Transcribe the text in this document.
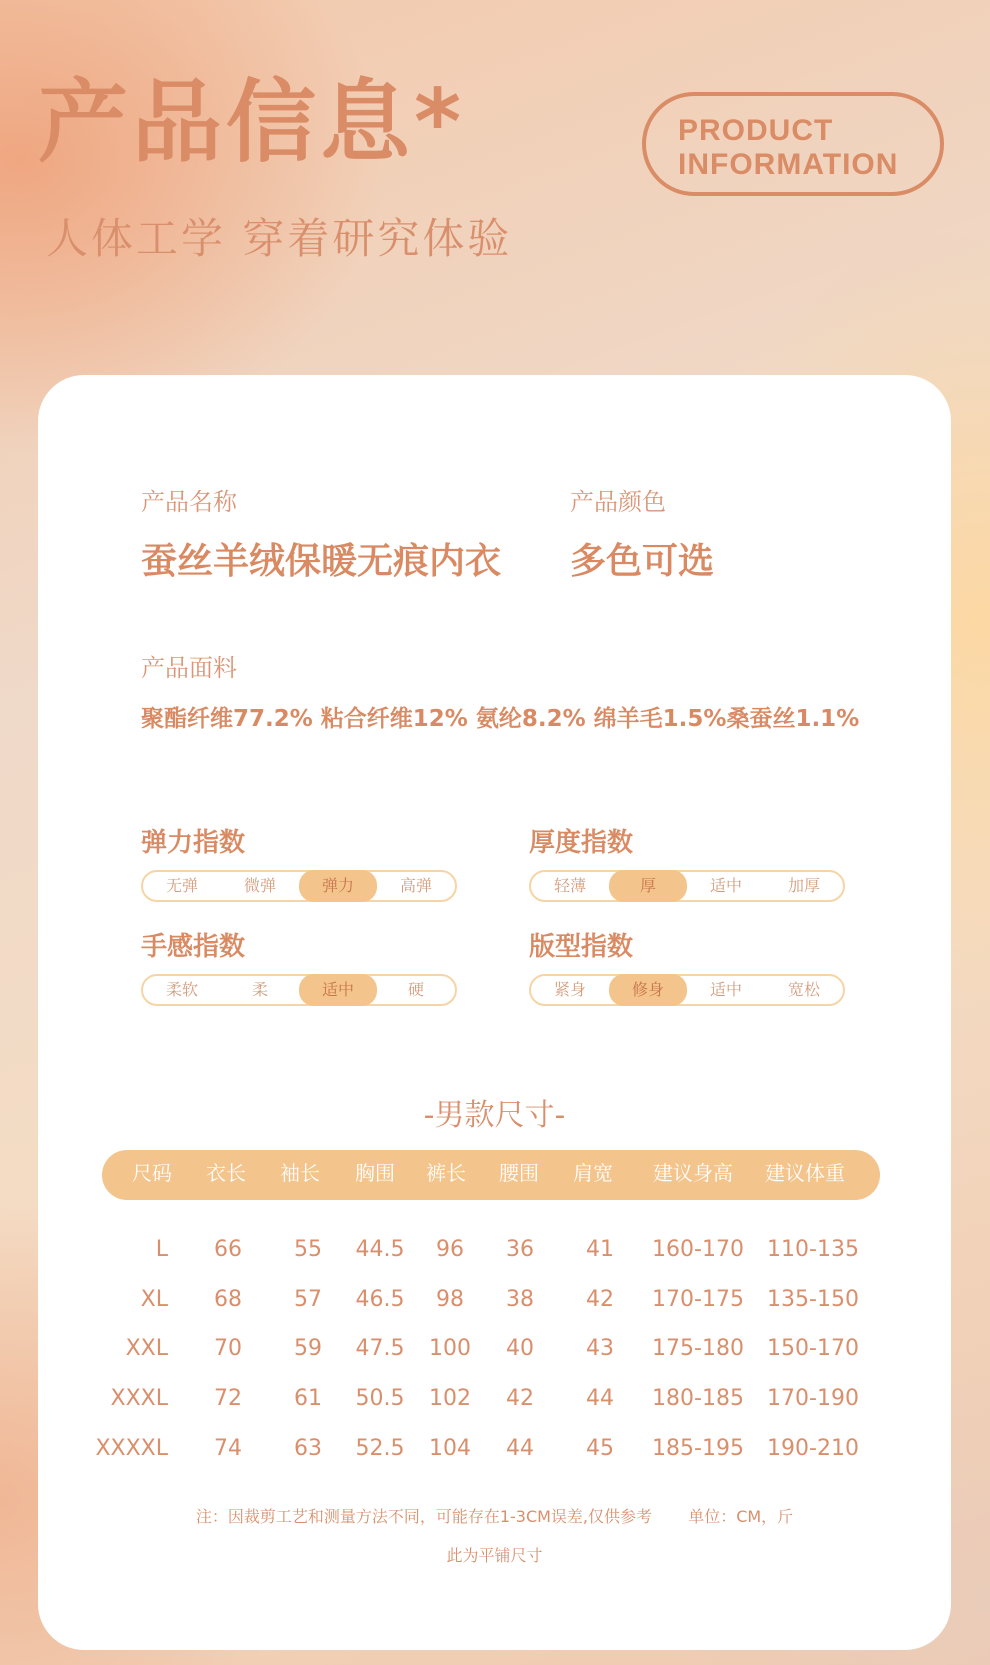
产品信息*
人体工学 穿着研究体验
PRODUCT
INFORMATION
产品名称
蚕丝羊绒保暖无痕内衣
产品颜色
多色可选
产品面料
聚酯纤维77.2% 粘合纤维12% 氨纶8.2% 绵羊毛1.5%桑蚕丝1.1%
弹力指数
无弹	微弹	弹力	高弹
厚度指数
轻薄	厚	适中	加厚
手感指数
柔软	柔	适中	硬
版型指数
紧身	修身	适中	宽松
-男款尺寸-
尺码 衣长 袖长 胸围 裤长 腰围 肩宽 建议身高 建议体重
L	66	55	44.5	96	36	41	160-170	110-135
XL	68	57	46.5	98	38	42	170-175	135-150
XXL	70	59	47.5	100	40	43	175-180	150-170
XXXL	72	61	50.5	102	42	44	180-185	170-190
XXXXL	74	63	52.5	104	44	45	185-195	190-210
注：因裁剪工艺和测量方法不同，可能存在1-3CM误差,仅供参考 单位：CM，斤
此为平铺尺寸
